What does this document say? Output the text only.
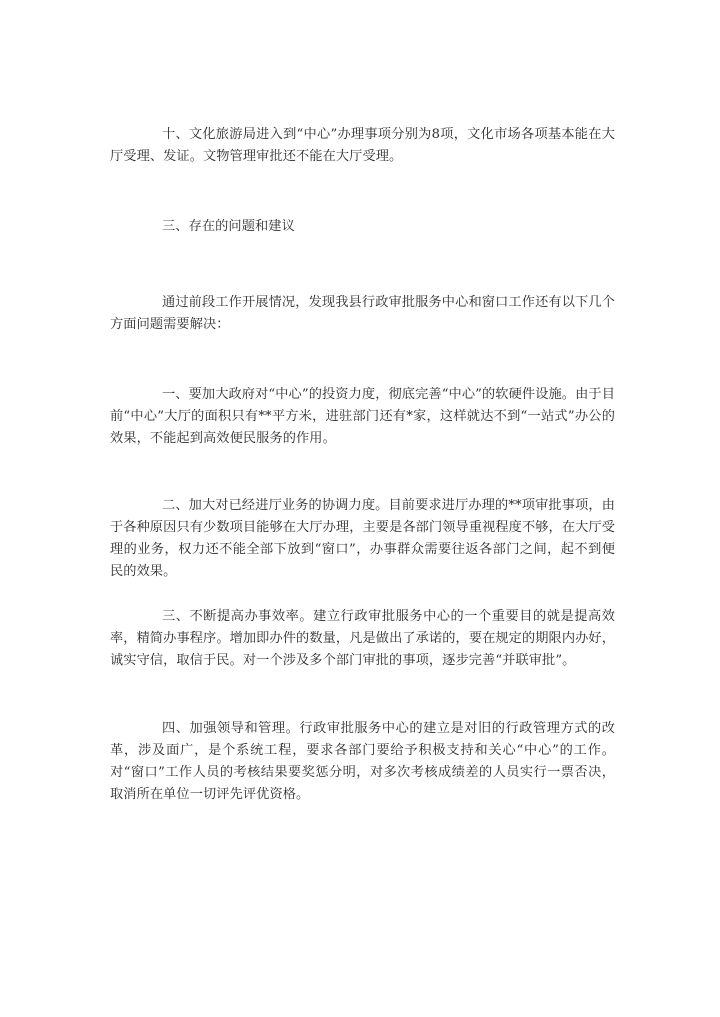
十、文化旅游局进入到“中心”办理事项分别为8项，文化市场各项基本能在大厅受理、发证。文物管理审批还不能在大厅受理。

三、存在的问题和建议

通过前段工作开展情况，发现我县行政审批服务中心和窗口工作还有以下几个方面问题需要解决：

一、要加大政府对“中心”的投资力度，彻底完善“中心”的软硬件设施。由于目前“中心”大厅的面积只有**平方米，进驻部门还有*家，这样就达不到“一站式”办公的效果，不能起到高效便民服务的作用。

二、加大对已经进厅业务的协调力度。目前要求进厅办理的**项审批事项，由于各种原因只有少数项目能够在大厅办理，主要是各部门领导重视程度不够，在大厅受理的业务，权力还不能全部下放到“窗口”，办事群众需要往返各部门之间，起不到便民的效果。

三、不断提高办事效率。建立行政审批服务中心的一个重要目的就是提高效率，精简办事程序。增加即办件的数量，凡是做出了承诺的，要在规定的期限内办好，诚实守信，取信于民。对一个涉及多个部门审批的事项，逐步完善“并联审批”。

四、加强领导和管理。行政审批服务中心的建立是对旧的行政管理方式的改革，涉及面广，是个系统工程，要求各部门要给予积极支持和关心“中心”的工作。对“窗口”工作人员的考核结果要奖惩分明，对多次考核成绩差的人员实行一票否决，取消所在单位一切评先评优资格。
